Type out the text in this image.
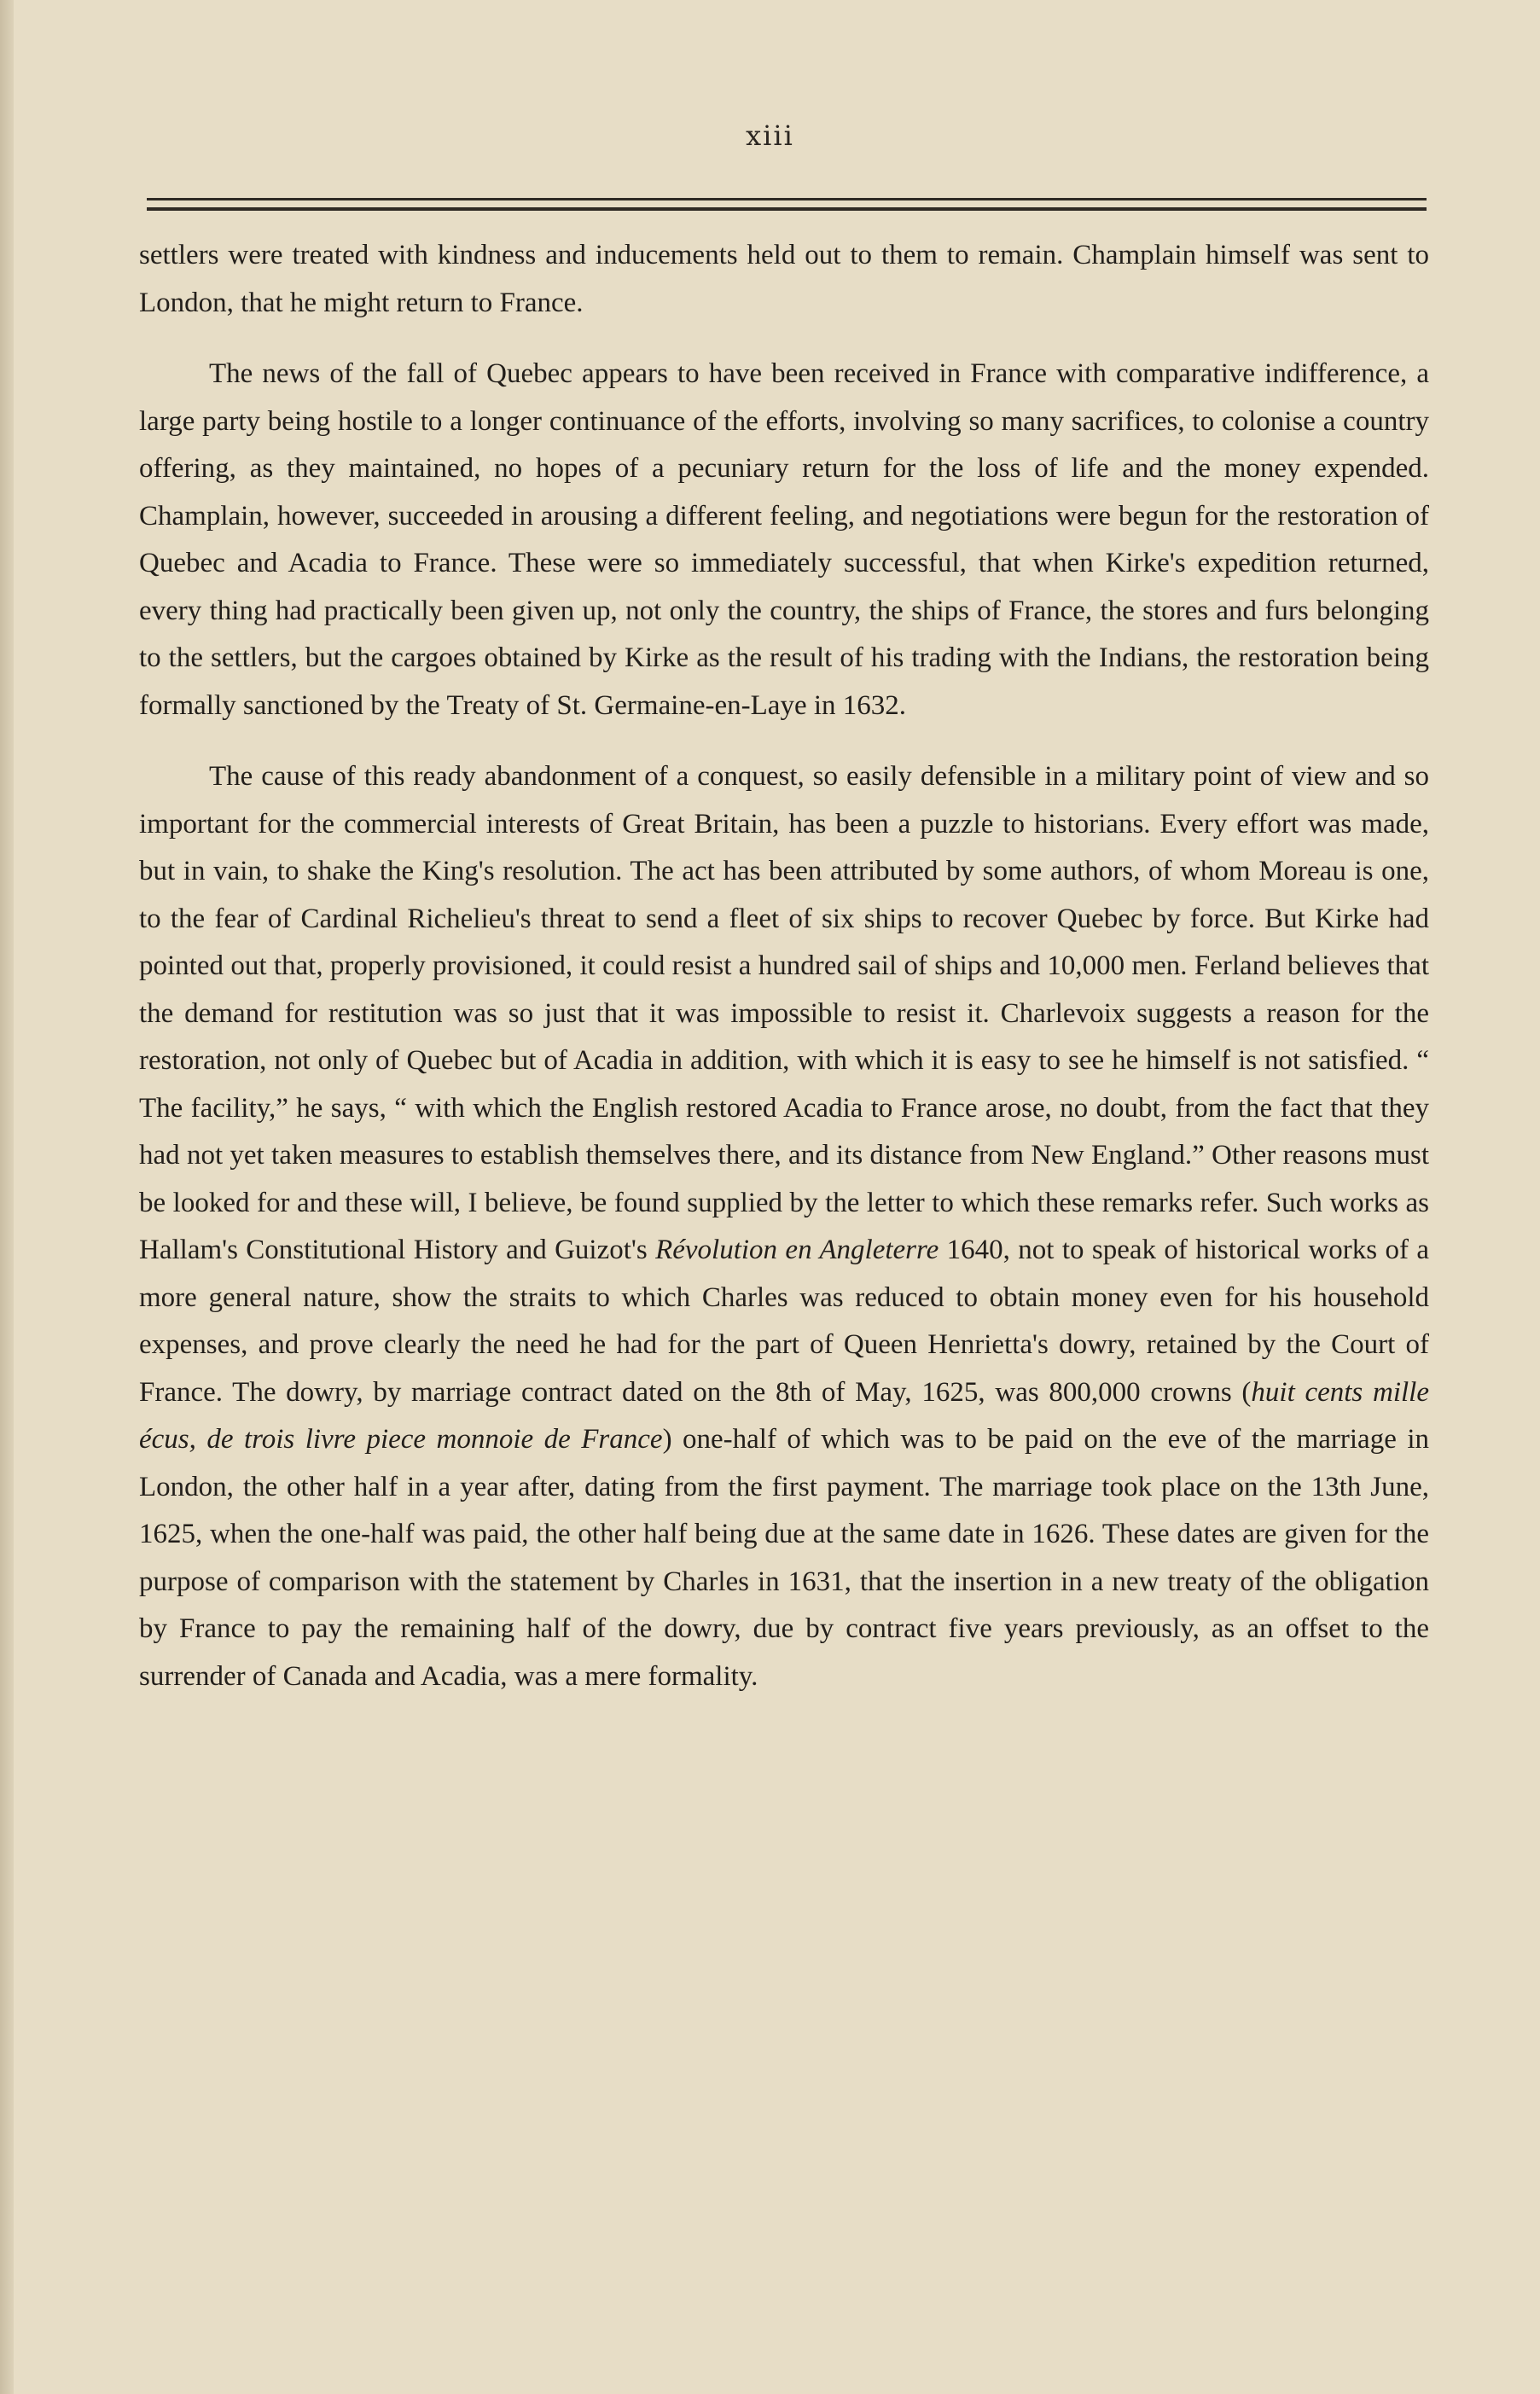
xiii

settlers were treated with kindness and inducements held out to them to remain. Champlain himself was sent to London, that he might return to France.

The news of the fall of Quebec appears to have been received in France with comparative indifference, a large party being hostile to a longer continuance of the efforts, involving so many sacrifices, to colonise a country offering, as they maintained, no hopes of a pecuniary return for the loss of life and the money expended. Champlain, however, succeeded in arousing a different feeling, and negotiations were begun for the restoration of Quebec and Acadia to France. These were so immediately successful, that when Kirke's expedition returned, every thing had practically been given up, not only the country, the ships of France, the stores and furs belonging to the settlers, but the cargoes obtained by Kirke as the result of his trading with the Indians, the restoration being formally sanctioned by the Treaty of St. Germaine-en-Laye in 1632.

The cause of this ready abandonment of a conquest, so easily defensible in a military point of view and so important for the commercial interests of Great Britain, has been a puzzle to historians. Every effort was made, but in vain, to shake the King's resolution. The act has been attributed by some authors, of whom Moreau is one, to the fear of Cardinal Richelieu's threat to send a fleet of six ships to recover Quebec by force. But Kirke had pointed out that, properly provisioned, it could resist a hundred sail of ships and 10,000 men. Ferland believes that the demand for restitution was so just that it was impossible to resist it. Charlevoix suggests a reason for the restoration, not only of Quebec but of Acadia in addition, with which it is easy to see he himself is not satisfied. “ The facility,” he says, “ with which the English restored Acadia to France arose, no doubt, from the fact that they had not yet taken measures to establish themselves there, and its distance from New England.” Other reasons must be looked for and these will, I believe, be found supplied by the letter to which these remarks refer. Such works as Hallam's Constitutional History and Guizot's Révolution en Angleterre 1640, not to speak of historical works of a more general nature, show the straits to which Charles was reduced to obtain money even for his household expenses, and prove clearly the need he had for the part of Queen Henrietta's dowry, retained by the Court of France. The dowry, by marriage contract dated on the 8th of May, 1625, was 800,000 crowns (huit cents mille écus, de trois livre piece monnoie de France) one-half of which was to be paid on the eve of the marriage in London, the other half in a year after, dating from the first payment. The marriage took place on the 13th June, 1625, when the one-half was paid, the other half being due at the same date in 1626. These dates are given for the purpose of comparison with the statement by Charles in 1631, that the insertion in a new treaty of the obligation by France to pay the remaining half of the dowry, due by contract five years previously, as an offset to the surrender of Canada and Acadia, was a mere formality.
